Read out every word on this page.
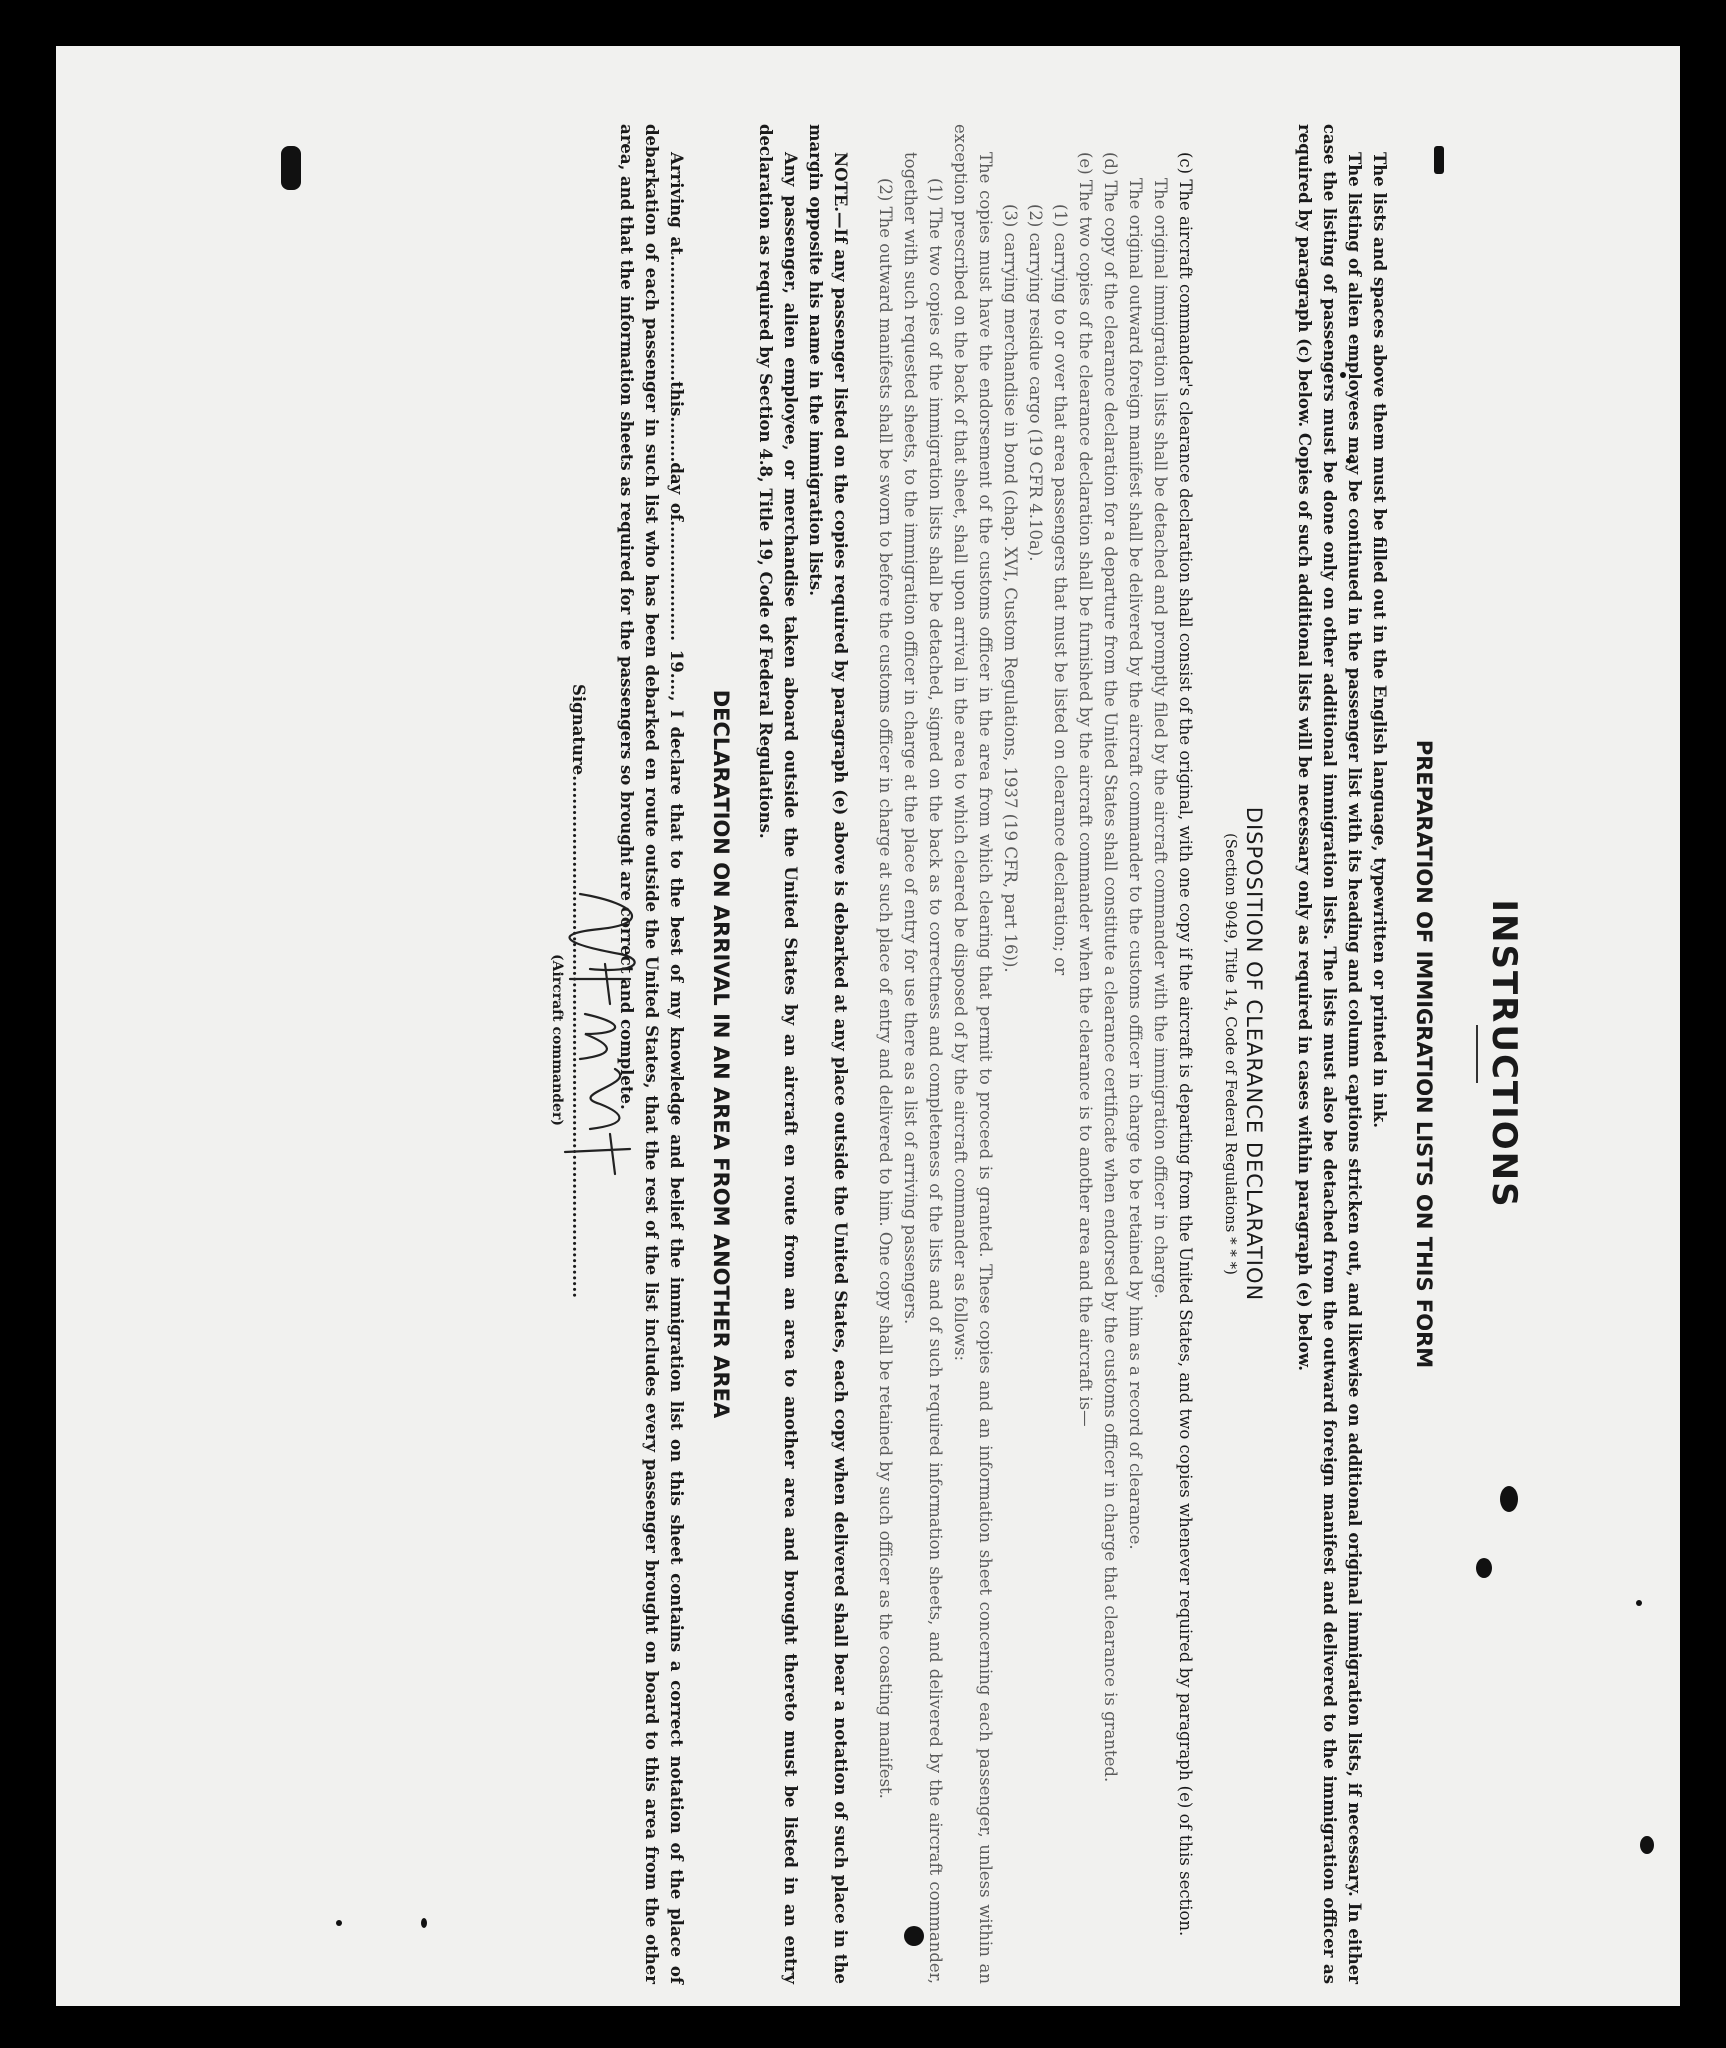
INSTRUCTIONS
PREPARATION OF IMMIGRATION LISTS ON THIS FORM

The lists and spaces above them must be filled out in the English language, typewritten or printed in ink.

The listing of alien employees may be continued in the passenger list with its heading and column captions stricken out, and likewise on additional original immigration lists, if necessary. In either case the listing of passengers must be done only on other additional immigration lists. The lists must also be detached from the outward foreign manifest and delivered to the immigration officer as required by paragraph (c) below. Copies of such additional lists will be necessary only as required in cases within paragraph (e) below.

DISPOSITION OF CLEARANCE DECLARATION
(Section 9049, Title 14, Code of Federal Regulations * * *)

(c) The aircraft commander's clearance declaration shall consist of the original, with one copy if the aircraft is departing from the United States, and two copies whenever required by paragraph (e) of this section.

The original immigration lists shall be detached and promptly filed by the aircraft commander with the immigration officer in charge.

The original outward foreign manifest shall be delivered by the aircraft commander to the customs officer in charge to be retained by him as a record of clearance.

(d) The copy of the clearance declaration for a departure from the United States shall constitute a clearance certificate when endorsed by the customs officer in charge that clearance is granted.

(e) The two copies of the clearance declaration shall be furnished by the aircraft commander when the clearance is to another area and the aircraft is—

(1) carrying to or over that area passengers that must be listed on clearance declaration; or

(2) carrying residue cargo (19 CFR 4.10a).

(3) carrying merchandise in bond (chap. XVI, Custom Regulations, 1937 (19 CFR, part 16)).

The copies must have the endorsement of the customs officer in the area from which clearing that permit to proceed is granted. These copies and an information sheet concerning each passenger, unless within an exception prescribed on the back of that sheet, shall upon arrival in the area to which cleared be disposed of by the aircraft commander as follows:

(1) The two copies of the immigration lists shall be detached, signed on the back as to correctness and completeness of the lists and of such required information sheets, and delivered by the aircraft commander, together with such requested sheets, to the immigration officer in charge at the place of entry for use there as a list of arriving passengers.

(2) The outward manifests shall be sworn to before the customs officer in charge at such place of entry and delivered to him. One copy shall be retained by such officer as the coasting manifest.

NOTE.—If any passenger listed on the copies required by paragraph (e) above is debarked at any place outside the United States, each copy when delivered shall bear a notation of such place in the margin opposite his name in the immigration lists.

Any passenger, alien employee, or merchandise taken aboard outside the United States by an aircraft en route from an area to another area and brought thereto must be listed in an entry declaration as required by Section 4.8, Title 19, Code of Federal Regulations.

DECLARATION ON ARRIVAL IN AN AREA FROM ANOTHER AREA

Arriving at......................this........day of..................... 19...., I declare that to the best of my knowledge and belief the immigration list on this sheet contains a correct notation of the place of debarkation of each passenger in such list who has been debarked en route outside the United States, that the rest of the list includes every passenger brought on board to this area from the other area, and that the information sheets as required for the passengers so brought are correct and complete.

Signature...........................................................................................
(Aircraft commander)
